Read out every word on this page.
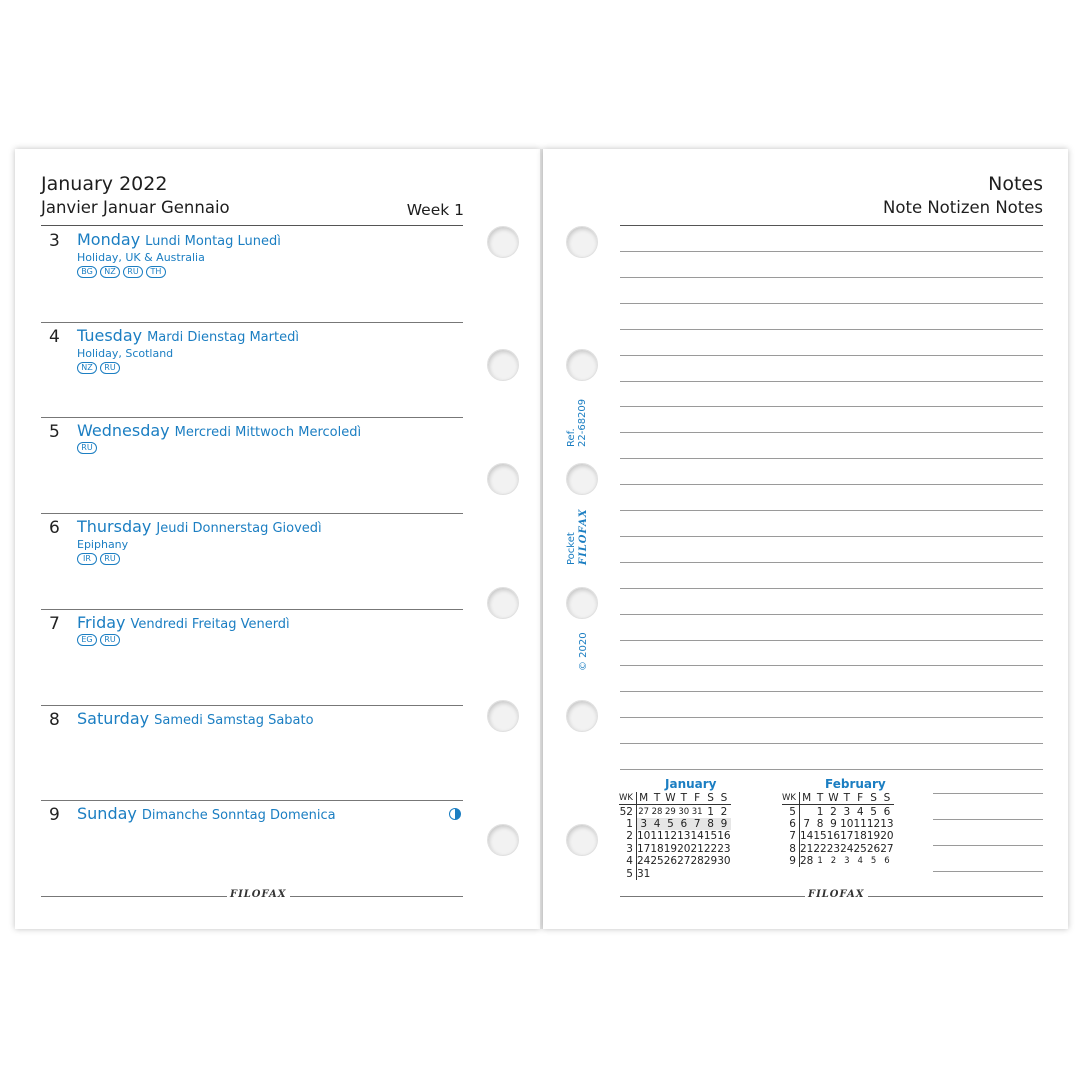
January 2022
Janvier Januar Gennaio	Week 1
3 Monday Lundi Montag Lunedì
Holiday, UK & Australia
BG	NZ	RU	TH
4 Tuesday Mardi Dienstag Martedì
Holiday, Scotland
NZ	RU
5 Wednesday Mercredi Mittwoch Mercoledì
RU
6 Thursday Jeudi Donnerstag Giovedì
Epiphany
IR	RU
7 Friday Vendredi Freitag Venerdì
EG	RU
8 Saturday Samedi Samstag Sabato
9 Sunday Dimanche Sonntag Domenica
FILOFAX
Notes
Note Notizen Notes
Ref. 22-68209
Pocket FILOFAX
© 2020
January
WK	M	T	W	T	F	S	S
52	27	28	29	30	31	1	2
1	3	4	5	6	7	8	9
2	10	11	12	13	14	15	16
3	17	18	19	20	21	22	23
4	24	25	26	27	28	29	30
5	31						
February
WK	M	T	W	T	F	S	S
5		1	2	3	4	5	6
6	7	8	9	10	11	12	13
7	14	15	16	17	18	19	20
8	21	22	23	24	25	26	27
9	28	1	2	3	4	5	6
FILOFAX
